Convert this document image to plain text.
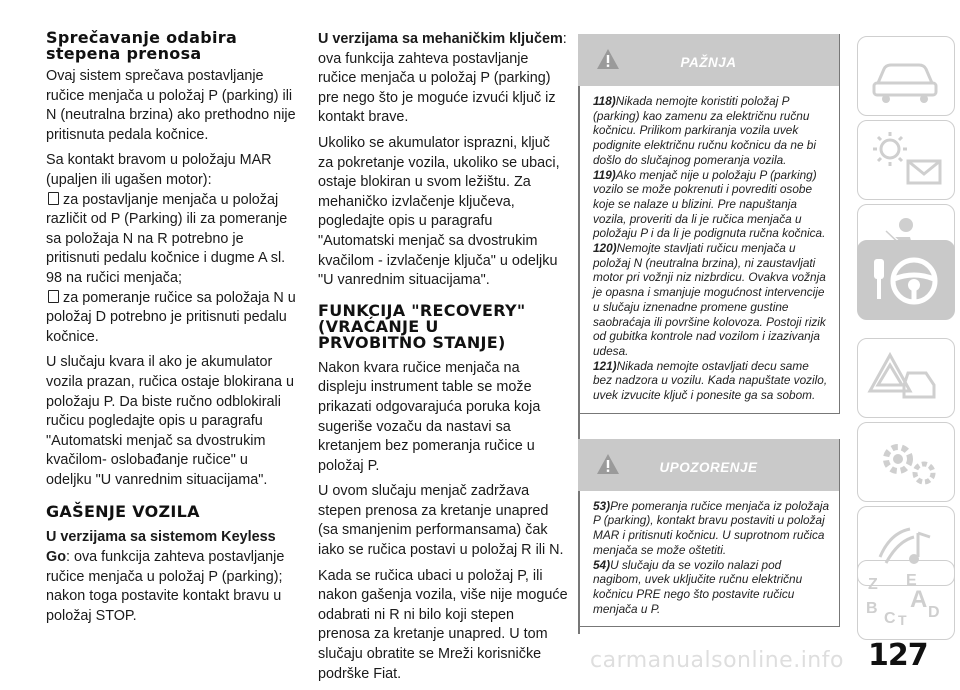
Sprečavanje odabira
stepena prenosa

Ovaj sistem sprečava postavljanje ručice menjača u položaj P (parking) ili N (neutralna brzina) ako prethodno nije pritisnuta pedala kočnice.

Sa kontakt bravom u položaju MAR (upaljen ili ugašen motor):

za postavljanje menjača u položaj različit od P (Parking) ili za pomeranje sa položaja N na R potrebno je pritisnuti pedalu kočnice i dugme A sl. 98 na ručici menjača;
za pomeranje ručice sa položaja N u položaj D potrebno je pritisnuti pedalu kočnice.

U slučaju kvara il ako je akumulator vozila prazan, ručica ostaje blokirana u položaju P. Da biste ručno odblokirali ručicu pogledajte opis u paragrafu "Automatski menjač sa dvostrukim kvačilom- oslobađanje ručice" u odeljku "U vanrednim situacijama".

GAŠENJE VOZILA

U verzijama sa sistemom Keyless Go: ova funkcija zahteva postavljanje ručice menjača u položaj P (parking); nakon toga postavite kontakt bravu u položaj STOP.

U verzijama sa mehaničkim ključem: ova funkcija zahteva postavljanje ručice menjača u položaj P (parking) pre nego što je moguće izvući ključ iz kontakt brave.

Ukoliko se akumulator isprazni, ključ za pokretanje vozila, ukoliko se ubaci, ostaje blokiran u svom ležištu. Za mehaničko izvlačenje ključeva, pogledajte opis u paragrafu "Automatski menjač sa dvostrukim kvačilom - izvlačenje ključa" u odeljku "U vanrednim situacijama".

FUNKCIJA "RECOVERY"
(VRAĆANJE U
PRVOBITNO STANJE)

Nakon kvara ručice menjača na displeju instrument table se može prikazati odgovarajuća poruka koja sugeriše vozaču da nastavi sa kretanjem bez pomeranja ručice u položaj P.

U ovom slučaju menjač zadržava stepen prenosa za kretanje unapred (sa smanjenim performansama) čak iako se ručica postavi u položaj R ili N.

Kada se ručica ubaci u položaj P, ili nakon gašenja vozila, više nije moguće odabrati ni R ni bilo koji stepen prenosa za kretanje unapred. U tom slučaju obratite se Mreži korisničke podrške Fiat.

PAŽNJA

118)Nikada nemojte koristiti položaj P (parking) kao zamenu za električnu ručnu kočnicu. Prilikom parkiranja vozila uvek podignite električnu ručnu kočnicu da ne bi došlo do slučajnog pomeranja vozila.

119)Ako menjač nije u položaju P (parking) vozilo se može pokrenuti i povrediti osobe koje se nalaze u blizini. Pre napuštanja vozila, proveriti da li je ručica menjača u položaju P i da li je podignuta ručna kočnica.

120)Nemojte stavljati ručicu menjača u položaj N (neutralna brzina), ni zaustavljati motor pri vožnji niz nizbrdicu. Ovakva vožnja je opasna i smanjuje mogućnost intervencije u slučaju iznenadne promene gustine saobraćaja ili površine kolovoza. Postoji rizik od gubitka kontrole nad vozilom i izazivanja udesa.

121)Nikada nemojte ostavljati decu same bez nadzora u vozilu. Kada napuštate vozilo, uvek izvucite ključ i ponesite ga sa sobom.

UPOZORENJE

53)Pre pomeranja ručice menjača iz položaja P (parking), kontakt bravu postaviti u položaj MAR i pritisnuti kočnicu. U suprotnom ručica menjača se može oštetiti.

54)U slučaju da se vozilo nalazi pod nagibom, uvek uključite ručnu električnu kočnicu PRE nego što postavite ručicu menjača u P.

Z E
B A
C T D
carmanualsonline.info 127
